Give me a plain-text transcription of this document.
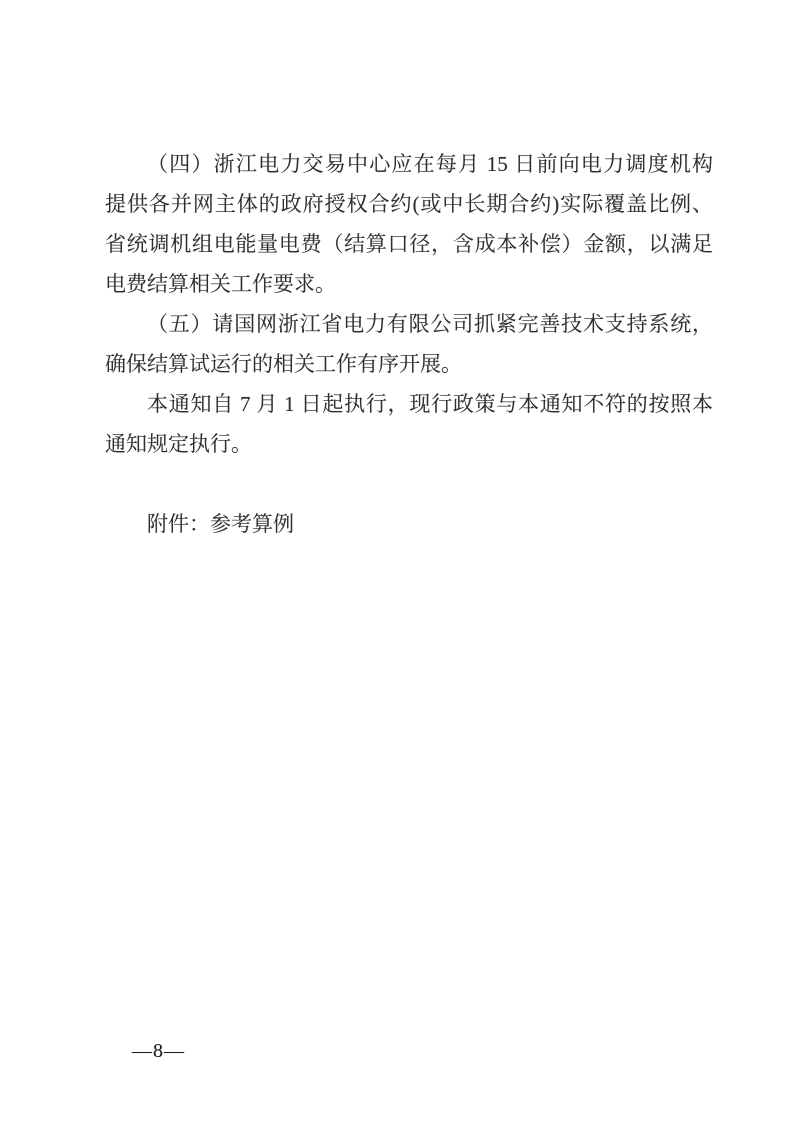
（四）浙江电力交易中心应在每月 15 日前向电力调度机构
提供各并网主体的政府授权合约(或中长期合约)实际覆盖比例、
省统调机组电能量电费（结算口径，含成本补偿）金额，以满足
电费结算相关工作要求。
（五）请国网浙江省电力有限公司抓紧完善技术支持系统，
确保结算试运行的相关工作有序开展。
本通知自 7 月 1 日起执行，现行政策与本通知不符的按照本
通知规定执行。
附件：参考算例
—8—
